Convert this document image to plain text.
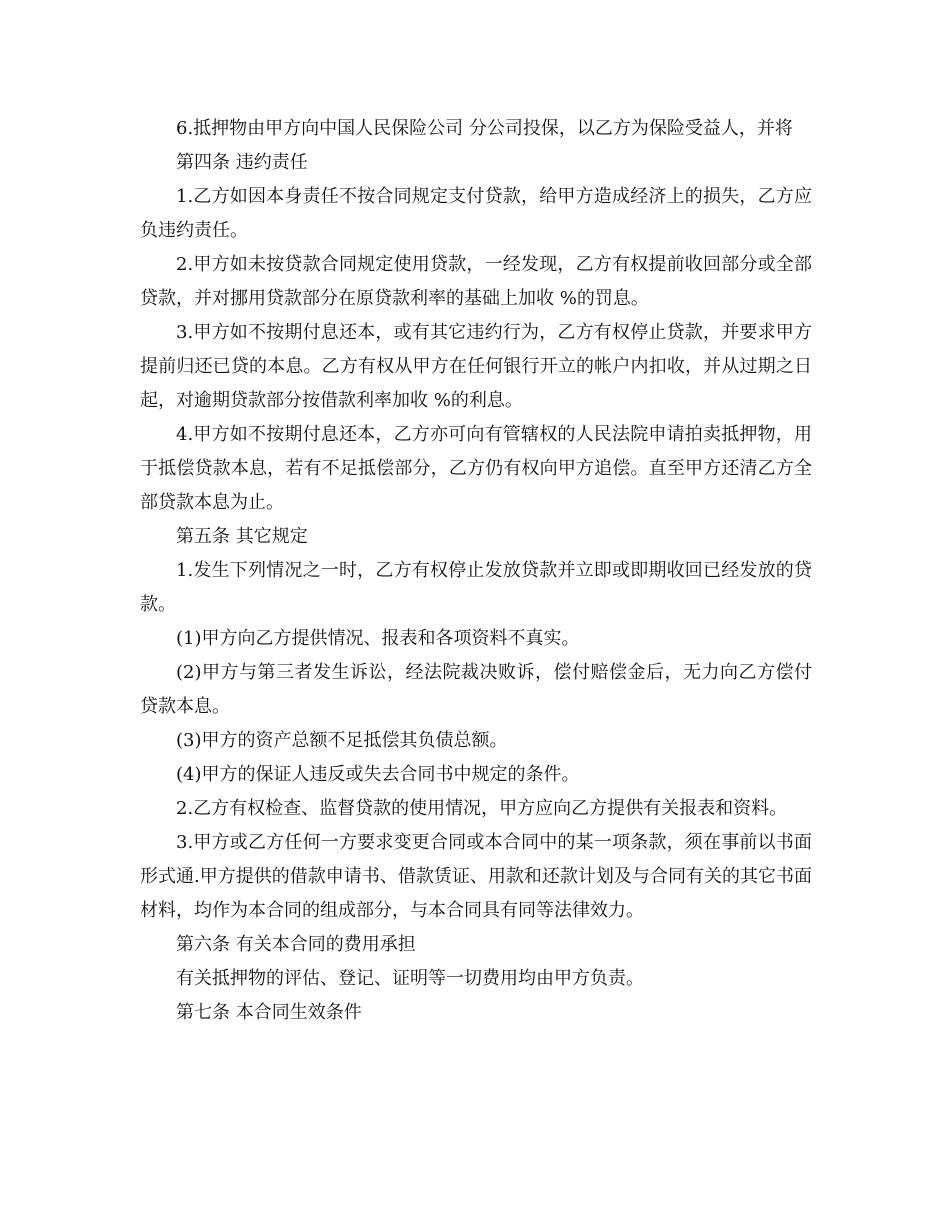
6.抵押物由甲方向中国人民保险公司 分公司投保，以乙方为保险受益人，并将

第四条 违约责任

1.乙方如因本身责任不按合同规定支付贷款，给甲方造成经济上的损失，乙方应负违约责任。

2.甲方如未按贷款合同规定使用贷款，一经发现，乙方有权提前收回部分或全部贷款，并对挪用贷款部分在原贷款利率的基础上加收 %的罚息。

3.甲方如不按期付息还本，或有其它违约行为，乙方有权停止贷款，并要求甲方提前归还已贷的本息。乙方有权从甲方在任何银行开立的帐户内扣收，并从过期之日起，对逾期贷款部分按借款利率加收 %的利息。

4.甲方如不按期付息还本，乙方亦可向有管辖权的人民法院申请拍卖抵押物，用于抵偿贷款本息，若有不足抵偿部分，乙方仍有权向甲方追偿。直至甲方还清乙方全部贷款本息为止。

第五条 其它规定

1.发生下列情况之一时，乙方有权停止发放贷款并立即或即期收回已经发放的贷款。

(1)甲方向乙方提供情况、报表和各项资料不真实。

(2)甲方与第三者发生诉讼，经法院裁决败诉，偿付赔偿金后，无力向乙方偿付贷款本息。

(3)甲方的资产总额不足抵偿其负债总额。

(4)甲方的保证人违反或失去合同书中规定的条件。

2.乙方有权检查、监督贷款的使用情况，甲方应向乙方提供有关报表和资料。

3.甲方或乙方任何一方要求变更合同或本合同中的某一项条款，须在事前以书面形式通.甲方提供的借款申请书、借款赁证、用款和还款计划及与合同有关的其它书面材料，均作为本合同的组成部分，与本合同具有同等法律效力。

第六条 有关本合同的费用承担

有关抵押物的评估、登记、证明等一切费用均由甲方负责。

第七条 本合同生效条件
